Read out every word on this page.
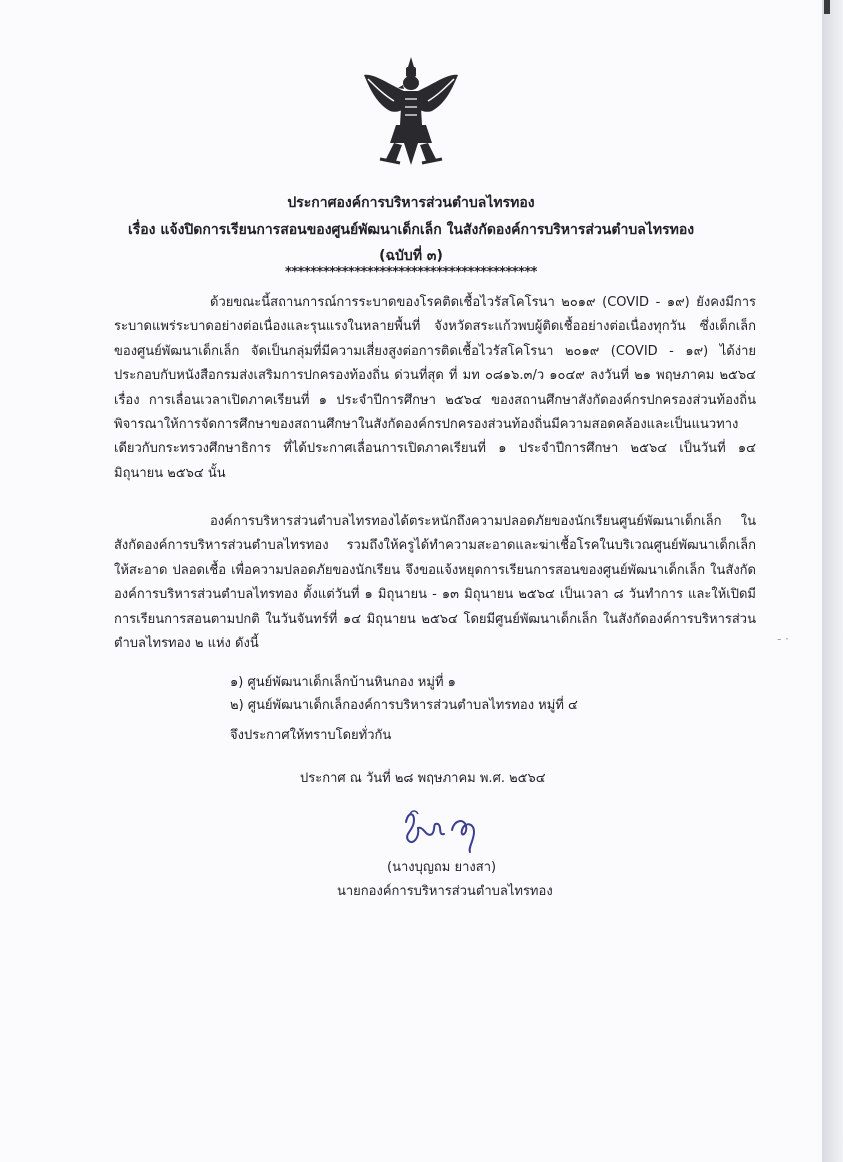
ประกาศองค์การบริหารส่วนตำบลไทรทอง
เรื่อง แจ้งปิดการเรียนการสอนของศูนย์พัฒนาเด็กเล็ก ในสังกัดองค์การบริหารส่วนตำบลไทรทอง
(ฉบับที่ ๓)
****************************************
ด้วยขณะนี้สถานการณ์การระบาดของโรคติดเชื้อไวรัสโคโรนา ๒๐๑๙ (COVID - ๑๙) ยังคงมีการระบาดแพร่ระบาดอย่างต่อเนื่องและรุนแรงในหลายพื้นที่ จังหวัดสระแก้วพบผู้ติดเชื้ออย่างต่อเนื่องทุกวัน ซึ่งเด็กเล็กของศูนย์พัฒนาเด็กเล็ก จัดเป็นกลุ่มที่มีความเสี่ยงสูงต่อการติดเชื้อไวรัสโคโรนา ๒๐๑๙ (COVID - ๑๙) ได้ง่าย ประกอบกับหนังสือกรมส่งเสริมการปกครองท้องถิ่น ด่วนที่สุด ที่ มท ๐๘๑๖.๓/ว ๑๐๔๙ ลงวันที่ ๒๑ พฤษภาคม ๒๕๖๔ เรื่อง การเลื่อนเวลาเปิดภาคเรียนที่ ๑ ประจำปีการศึกษา ๒๕๖๔ ของสถานศึกษาสังกัดองค์กรปกครองส่วนท้องถิ่น พิจารณาให้การจัดการศึกษาของสถานศึกษาในสังกัดองค์กรปกครองส่วนท้องถิ่นมีความสอดคล้องและเป็นแนวทางเดียวกับกระทรวงศึกษาธิการ ที่ได้ประกาศเลื่อนการเปิดภาคเรียนที่ ๑ ประจำปีการศึกษา ๒๕๖๔ เป็นวันที่ ๑๔ มิถุนายน ๒๕๖๔ นั้น
องค์การบริหารส่วนตำบลไทรทองได้ตระหนักถึงความปลอดภัยของนักเรียนศูนย์พัฒนาเด็กเล็ก ในสังกัดองค์การบริหารส่วนตำบลไทรทอง รวมถึงให้ครูได้ทำความสะอาดและฆ่าเชื้อโรคในบริเวณศูนย์พัฒนาเด็กเล็กให้สะอาด ปลอดเชื้อ เพื่อความปลอดภัยของนักเรียน จึงขอแจ้งหยุดการเรียนการสอนของศูนย์พัฒนาเด็กเล็ก ในสังกัดองค์การบริหารส่วนตำบลไทรทอง ตั้งแต่วันที่ ๑ มิถุนายน - ๑๓ มิถุนายน ๒๕๖๔ เป็นเวลา ๘ วันทำการ และให้เปิดมีการเรียนการสอนตามปกติ ในวันจันทร์ที่ ๑๔ มิถุนายน ๒๕๖๔ โดยมีศูนย์พัฒนาเด็กเล็ก ในสังกัดองค์การบริหารส่วนตำบลไทรทอง ๒ แห่ง ดังนี้
๑) ศูนย์พัฒนาเด็กเล็กบ้านหินกอง หมู่ที่ ๑
๒) ศูนย์พัฒนาเด็กเล็กองค์การบริหารส่วนตำบลไทรทอง หมู่ที่ ๔
จึงประกาศให้ทราบโดยทั่วกัน
ประกาศ ณ วันที่ ๒๘ พฤษภาคม พ.ศ. ๒๕๖๔
(นางบุญถม ยางสา)
นายกองค์การบริหารส่วนตำบลไทรทอง
- ·
